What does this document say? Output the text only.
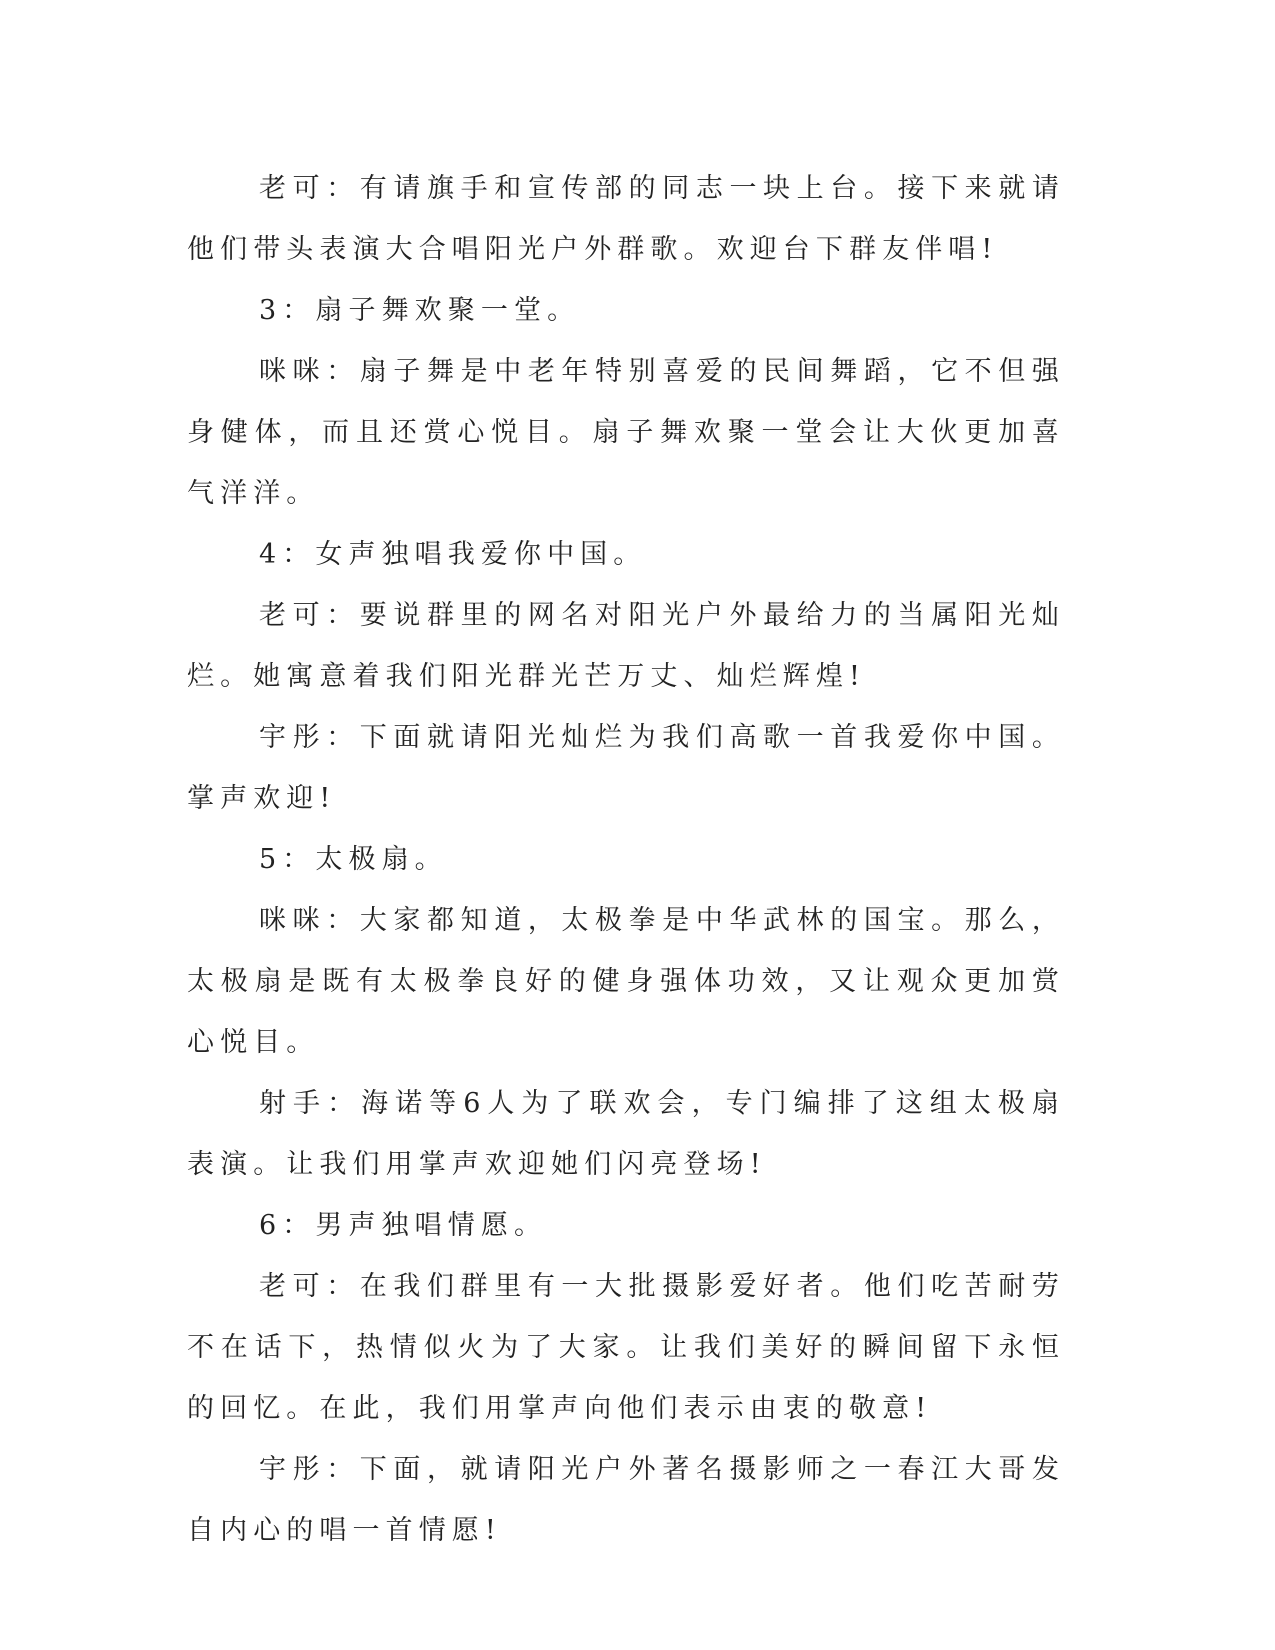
老可：有请旗手和宣传部的同志一块上台。接下来就请他们带头表演大合唱阳光户外群歌。欢迎台下群友伴唱!

3：扇子舞欢聚一堂。

咪咪：扇子舞是中老年特别喜爱的民间舞蹈，它不但强身健体，而且还赏心悦目。扇子舞欢聚一堂会让大伙更加喜气洋洋。

4：女声独唱我爱你中国。

老可：要说群里的网名对阳光户外最给力的当属阳光灿烂。她寓意着我们阳光群光芒万丈、灿烂辉煌!

宇彤：下面就请阳光灿烂为我们高歌一首我爱你中国。掌声欢迎!

5：太极扇。

咪咪：大家都知道，太极拳是中华武林的国宝。那么，太极扇是既有太极拳良好的健身强体功效，又让观众更加赏心悦目。

射手：海诺等6人为了联欢会，专门编排了这组太极扇表演。让我们用掌声欢迎她们闪亮登场!

6：男声独唱情愿。

老可：在我们群里有一大批摄影爱好者。他们吃苦耐劳不在话下，热情似火为了大家。让我们美好的瞬间留下永恒的回忆。在此，我们用掌声向他们表示由衷的敬意!

宇彤：下面，就请阳光户外著名摄影师之一春江大哥发自内心的唱一首情愿!
